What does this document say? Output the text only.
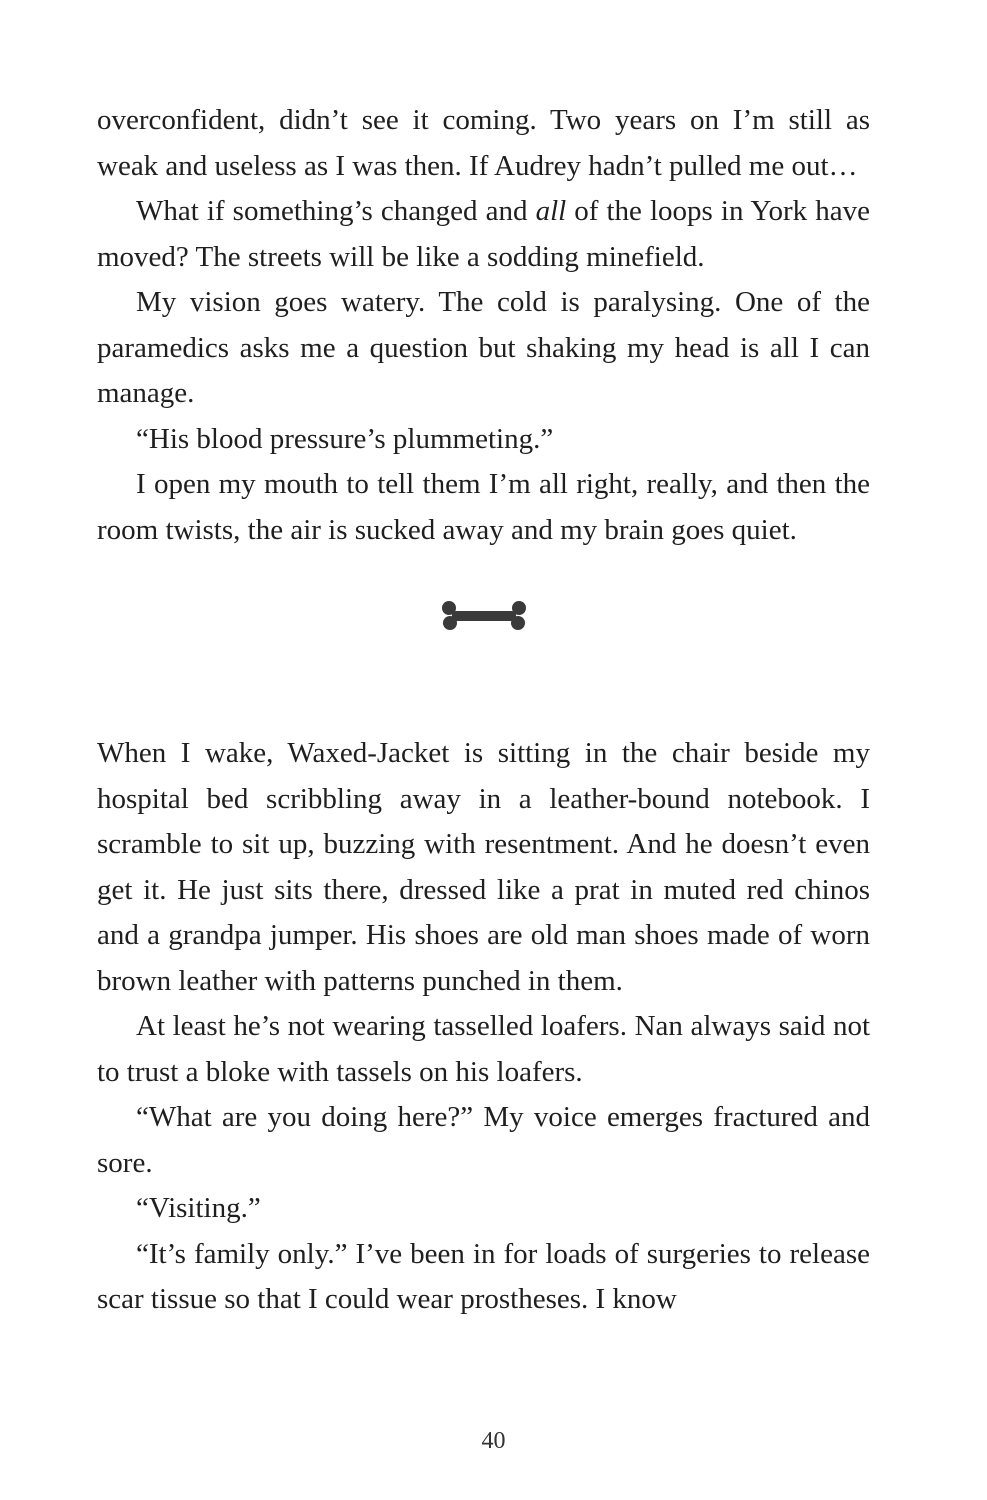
overconfident, didn’t see it coming. Two years on I’m still as weak and useless as I was then. If Audrey hadn’t pulled me out…

What if something’s changed and all of the loops in York have moved? The streets will be like a sodding minefield.

My vision goes watery. The cold is paralysing. One of the paramedics asks me a question but shaking my head is all I can manage.

“His blood pressure’s plummeting.”

I open my mouth to tell them I’m all right, really, and then the room twists, the air is sucked away and my brain goes quiet.

When I wake, Waxed-Jacket is sitting in the chair beside my hospital bed scribbling away in a leather-bound notebook. I scramble to sit up, buzzing with resentment. And he doesn’t even get it. He just sits there, dressed like a prat in muted red chinos and a grandpa jumper. His shoes are old man shoes made of worn brown leather with patterns punched in them.

At least he’s not wearing tasselled loafers. Nan always said not to trust a bloke with tassels on his loafers.

“What are you doing here?” My voice emerges fractured and sore.

“Visiting.”

“It’s family only.” I’ve been in for loads of surgeries to release scar tissue so that I could wear prostheses. I know

40
